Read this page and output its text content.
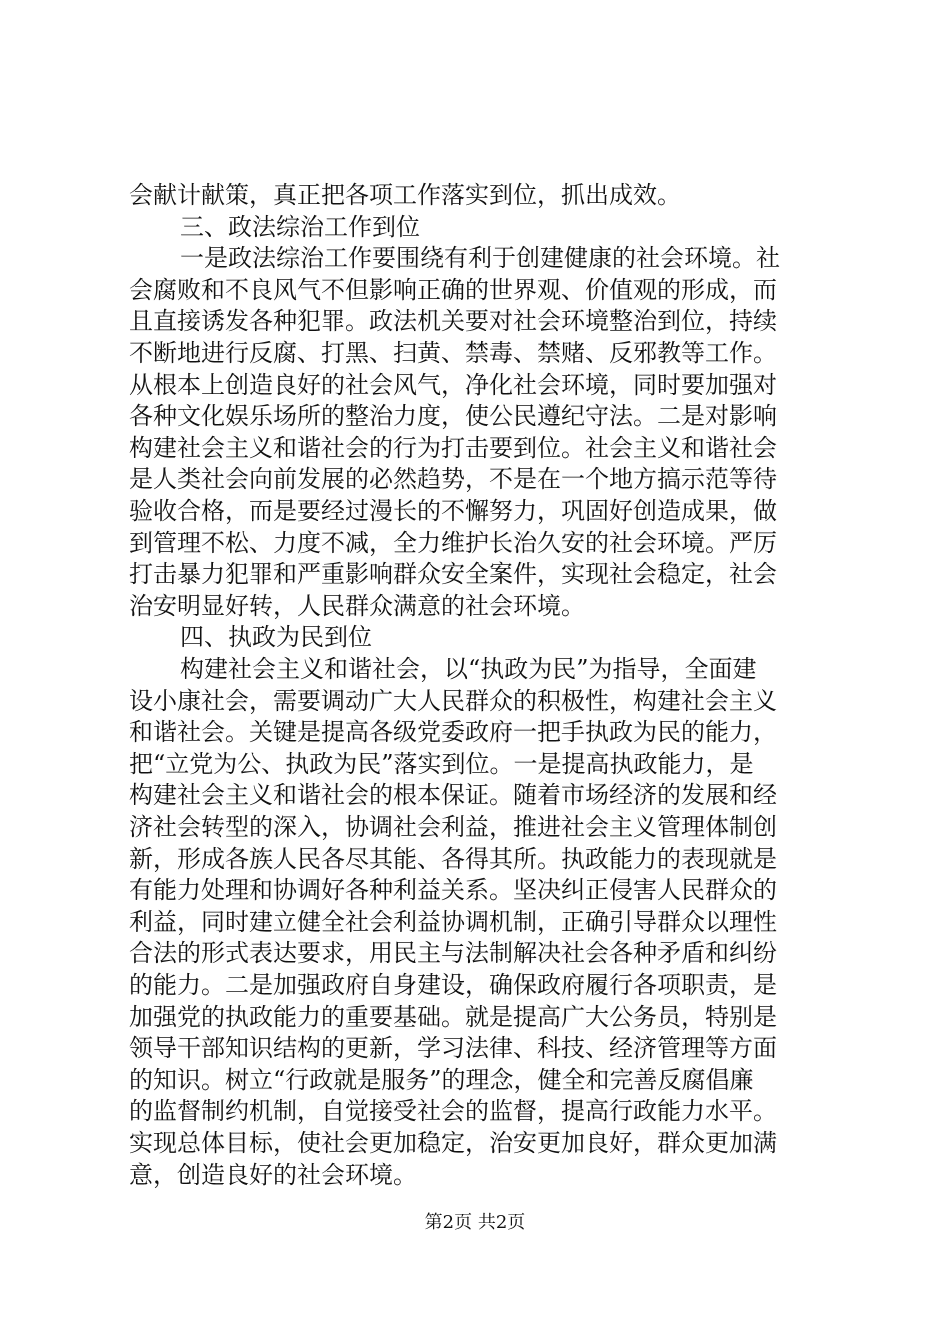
会献计献策，真正把各项工作落实到位，抓出成效。
三、政法综治工作到位
一是政法综治工作要围绕有利于创建健康的社会环境。社
会腐败和不良风气不但影响正确的世界观、价值观的形成，而
且直接诱发各种犯罪。政法机关要对社会环境整治到位，持续
不断地进行反腐、打黑、扫黄、禁毒、禁赌、反邪教等工作。
从根本上创造良好的社会风气，净化社会环境，同时要加强对
各种文化娱乐场所的整治力度，使公民遵纪守法。二是对影响
构建社会主义和谐社会的行为打击要到位。社会主义和谐社会
是人类社会向前发展的必然趋势，不是在一个地方搞示范等待
验收合格，而是要经过漫长的不懈努力，巩固好创造成果，做
到管理不松、力度不减，全力维护长治久安的社会环境。严厉
打击暴力犯罪和严重影响群众安全案件，实现社会稳定，社会
治安明显好转，人民群众满意的社会环境。
四、执政为民到位
构建社会主义和谐社会，以“执政为民”为指导，全面建
设小康社会，需要调动广大人民群众的积极性，构建社会主义
和谐社会。关键是提高各级党委政府一把手执政为民的能力，
把“立党为公、执政为民”落实到位。一是提高执政能力，是
构建社会主义和谐社会的根本保证。随着市场经济的发展和经
济社会转型的深入，协调社会利益，推进社会主义管理体制创
新，形成各族人民各尽其能、各得其所。执政能力的表现就是
有能力处理和协调好各种利益关系。坚决纠正侵害人民群众的
利益，同时建立健全社会利益协调机制，正确引导群众以理性
合法的形式表达要求，用民主与法制解决社会各种矛盾和纠纷
的能力。二是加强政府自身建设，确保政府履行各项职责，是
加强党的执政能力的重要基础。就是提高广大公务员，特别是
领导干部知识结构的更新，学习法律、科技、经济管理等方面
的知识。树立“行政就是服务”的理念，健全和完善反腐倡廉
的监督制约机制，自觉接受社会的监督，提高行政能力水平。
实现总体目标，使社会更加稳定，治安更加良好，群众更加满
意，创造良好的社会环境。
第2页 共2页
